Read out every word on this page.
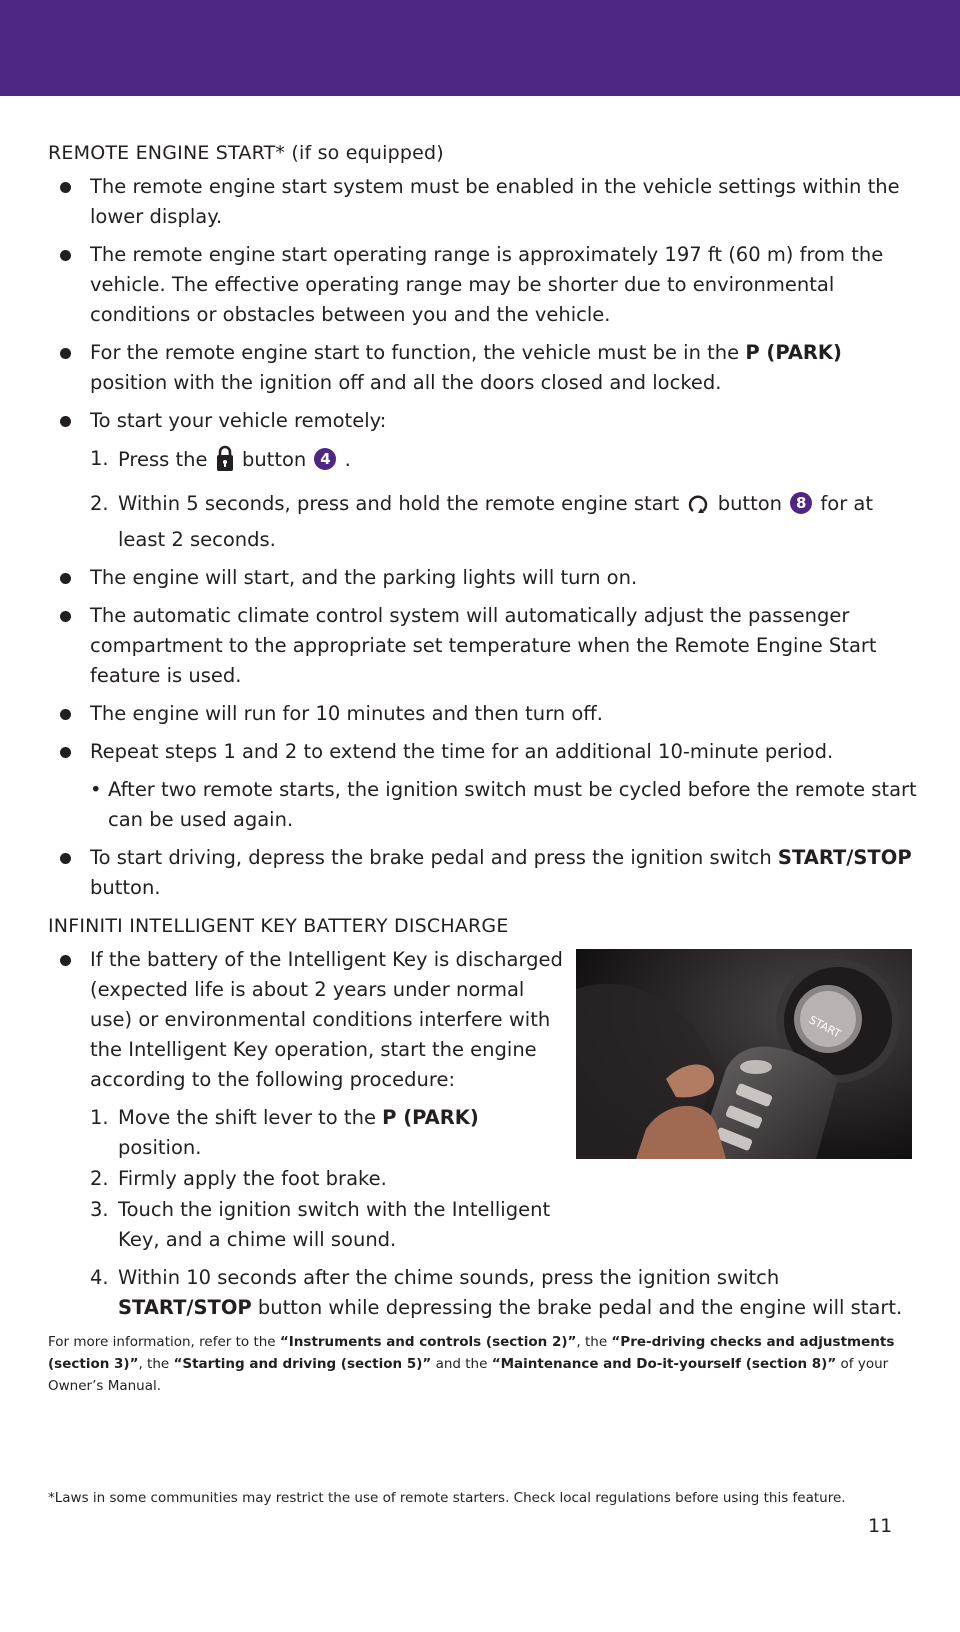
REMOTE ENGINE START* (if so equipped)
The remote engine start system must be enabled in the vehicle settings within the lower display.
The remote engine start operating range is approximately 197 ft (60 m) from the vehicle. The effective operating range may be shorter due to environmental conditions or obstacles between you and the vehicle.
For the remote engine start to function, the vehicle must be in the P (PARK) position with the ignition off and all the doors closed and locked.
To start your vehicle remotely:
1. Press the  button 4 .
2. Within 5 seconds, press and hold the remote engine start  button 8 for at least 2 seconds.
The engine will start, and the parking lights will turn on.
The automatic climate control system will automatically adjust the passenger compartment to the appropriate set temperature when the Remote Engine Start feature is used.
The engine will run for 10 minutes and then turn off.
Repeat steps 1 and 2 to extend the time for an additional 10-minute period.
• After two remote starts, the ignition switch must be cycled before the remote start can be used again.
To start driving, depress the brake pedal and press the ignition switch START/STOP button.
INFINITI INTELLIGENT KEY BATTERY DISCHARGE
If the battery of the Intelligent Key is discharged (expected life is about 2 years under normal use) or environmental conditions interfere with the Intelligent Key operation, start the engine according to the following procedure:
1. Move the shift lever to the P (PARK) position.
2. Firmly apply the foot brake.
3. Touch the ignition switch with the Intelligent Key, and a chime will sound.
START
4. Within 10 seconds after the chime sounds, press the ignition switch START/STOP button while depressing the brake pedal and the engine will start.
For more information, refer to the “Instruments and controls (section 2)”, the “Pre-driving checks and adjustments (section 3)”, the “Starting and driving (section 5)” and the “Maintenance and Do-it-yourself (section 8)” of your Owner’s Manual.
*Laws in some communities may restrict the use of remote starters. Check local regulations before using this feature.
11
